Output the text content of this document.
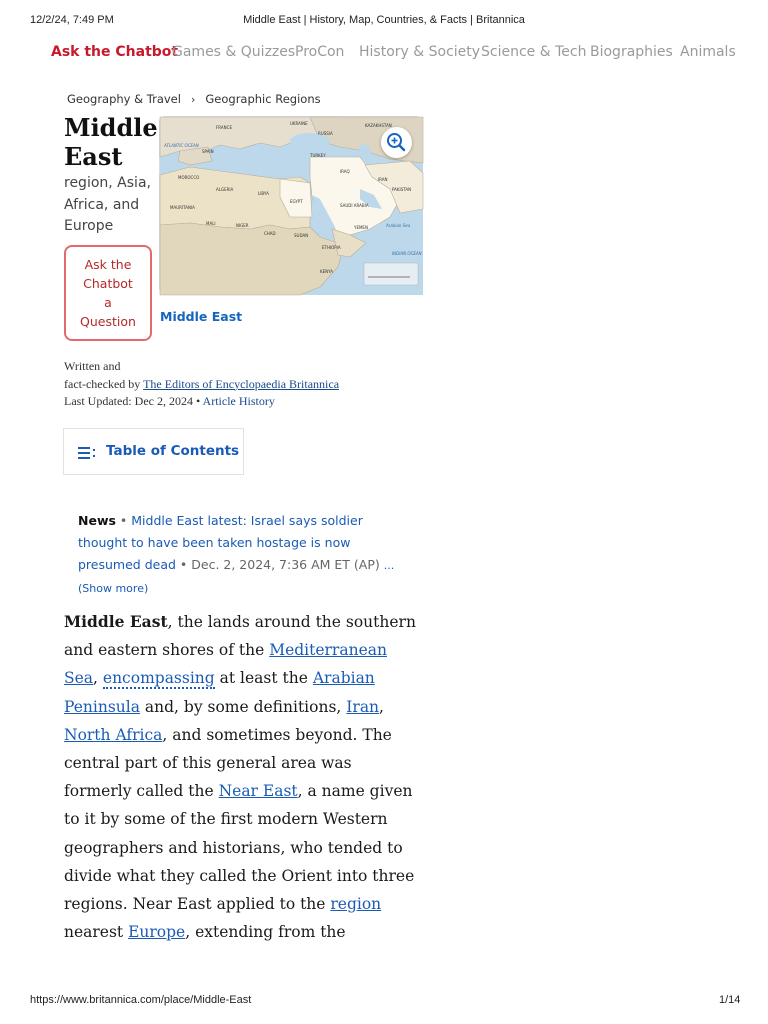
12/2/24, 7:49 PM	Middle East | History, Map, Countries, & Facts | Britannica
Ask the Chatbot
Games & Quizzes ProCon History & Society Science & Tech Biographies Animals
Geography & Travel › Geographic Regions
Middle
East
region, Asia,
Africa, and
Europe
Ask the
Chatbot
a
Question
FRANCE
UKRAINE	KAZAKHSTAN
RUSSIA
SPAIN
TURKEY
MOROCCO
ALGERIA
LIBYA
EGYPT
IRAQ
IRAN
SAUDI ARABIA
PAKISTAN
MAURITANIA
MALI	NIGER
CHAD	SUDAN
YEMEN
ETHIOPIA
KENYA
ATLANTIC OCEAN
INDIAN OCEAN
Arabian Sea
Middle East
Written and
fact-checked by The Editors of Encyclopaedia Britannica
Last Updated: Dec 2, 2024 • Article History
Table of Contents
News • Middle East latest: Israel says soldier thought to have been taken hostage is now presumed dead • Dec. 2, 2024, 7:36 AM ET (AP) ...(Show more)
Middle East, the lands around the southern and eastern shores of the Mediterranean Sea, encompassing at least the Arabian Peninsula and, by some definitions, Iran, North Africa, and sometimes beyond. The central part of this general area was formerly called the Near East, a name given to it by some of the first modern Western geographers and historians, who tended to divide what they called the Orient into three regions. Near East applied to the region nearest Europe, extending from the
https://www.britannica.com/place/Middle-East	1/14
